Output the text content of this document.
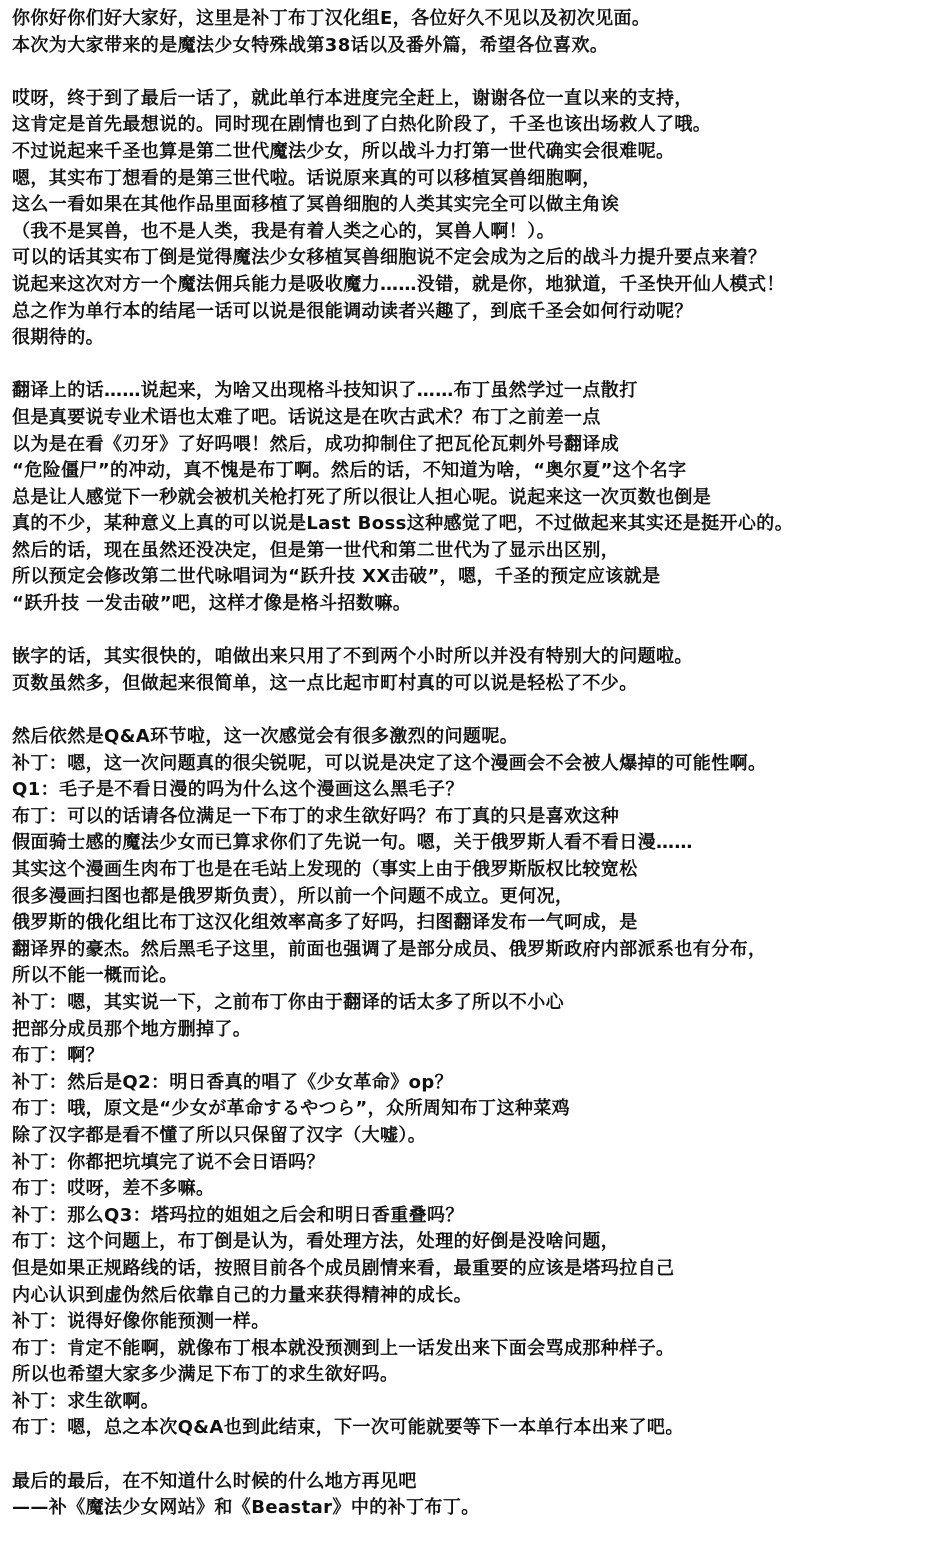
你你好你们好大家好，这里是补丁布丁汉化组E，各位好久不见以及初次见面。
本次为大家带来的是魔法少女特殊战第38话以及番外篇，希望各位喜欢。
哎呀，终于到了最后一话了，就此单行本进度完全赶上，谢谢各位一直以来的支持，
这肯定是首先最想说的。同时现在剧情也到了白热化阶段了，千圣也该出场救人了哦。
不过说起来千圣也算是第二世代魔法少女，所以战斗力打第一世代确实会很难呢。
嗯，其实布丁想看的是第三世代啦。话说原来真的可以移植冥兽细胞啊，
这么一看如果在其他作品里面移植了冥兽细胞的人类其实完全可以做主角诶
（我不是冥兽，也不是人类，我是有着人类之心的，冥兽人啊！）。
可以的话其实布丁倒是觉得魔法少女移植冥兽细胞说不定会成为之后的战斗力提升要点来着？
说起来这次对方一个魔法佣兵能力是吸收魔力……没错，就是你，地狱道，千圣快开仙人模式！
总之作为单行本的结尾一话可以说是很能调动读者兴趣了，到底千圣会如何行动呢？
很期待的。
翻译上的话……说起来，为啥又出现格斗技知识了……布丁虽然学过一点散打
但是真要说专业术语也太难了吧。话说这是在吹古武术？布丁之前差一点
以为是在看《刃牙》了好吗喂！然后，成功抑制住了把瓦伦瓦剌外号翻译成
“危险僵尸”的冲动，真不愧是布丁啊。然后的话，不知道为啥，“奥尔夏”这个名字
总是让人感觉下一秒就会被机关枪打死了所以很让人担心呢。说起来这一次页数也倒是
真的不少，某种意义上真的可以说是Last Boss这种感觉了吧，不过做起来其实还是挺开心的。
然后的话，现在虽然还没决定，但是第一世代和第二世代为了显示出区别，
所以预定会修改第二世代咏唱词为“跃升技 XX击破”，嗯，千圣的预定应该就是
“跃升技 一发击破”吧，这样才像是格斗招数嘛。
嵌字的话，其实很快的，咱做出来只用了不到两个小时所以并没有特别大的问题啦。
页数虽然多，但做起来很简单，这一点比起市町村真的可以说是轻松了不少。
然后依然是Q&A环节啦，这一次感觉会有很多激烈的问题呢。
补丁：嗯，这一次问题真的很尖锐呢，可以说是决定了这个漫画会不会被人爆掉的可能性啊。
Q1：毛子是不看日漫的吗为什么这个漫画这么黑毛子？
布丁：可以的话请各位满足一下布丁的求生欲好吗？布丁真的只是喜欢这种
假面骑士感的魔法少女而已算求你们了先说一句。嗯，关于俄罗斯人看不看日漫……
其实这个漫画生肉布丁也是在毛站上发现的（事实上由于俄罗斯版权比较宽松
很多漫画扫图也都是俄罗斯负责），所以前一个问题不成立。更何况，
俄罗斯的俄化组比布丁这汉化组效率高多了好吗，扫图翻译发布一气呵成，是
翻译界的豪杰。然后黑毛子这里，前面也强调了是部分成员、俄罗斯政府内部派系也有分布，
所以不能一概而论。
补丁：嗯，其实说一下，之前布丁你由于翻译的话太多了所以不小心
把部分成员那个地方删掉了。
布丁：啊？
补丁：然后是Q2：明日香真的唱了《少女革命》op？
布丁：哦，原文是“少女が革命するやつら”，众所周知布丁这种菜鸡
除了汉字都是看不懂了所以只保留了汉字（大嘘）。
补丁：你都把坑填完了说不会日语吗？
布丁：哎呀，差不多嘛。
补丁：那么Q3：塔玛拉的姐姐之后会和明日香重叠吗？
布丁：这个问题上，布丁倒是认为，看处理方法，处理的好倒是没啥问题，
但是如果正规路线的话，按照目前各个成员剧情来看，最重要的应该是塔玛拉自己
内心认识到虚伪然后依靠自己的力量来获得精神的成长。
补丁：说得好像你能预测一样。
布丁：肯定不能啊，就像布丁根本就没预测到上一话发出来下面会骂成那种样子。
所以也希望大家多少满足下布丁的求生欲好吗。
补丁：求生欲啊。
布丁：嗯，总之本次Q&A也到此结束，下一次可能就要等下一本单行本出来了吧。
最后的最后，在不知道什么时候的什么地方再见吧
——补《魔法少女网站》和《Beastar》中的补丁布丁。
